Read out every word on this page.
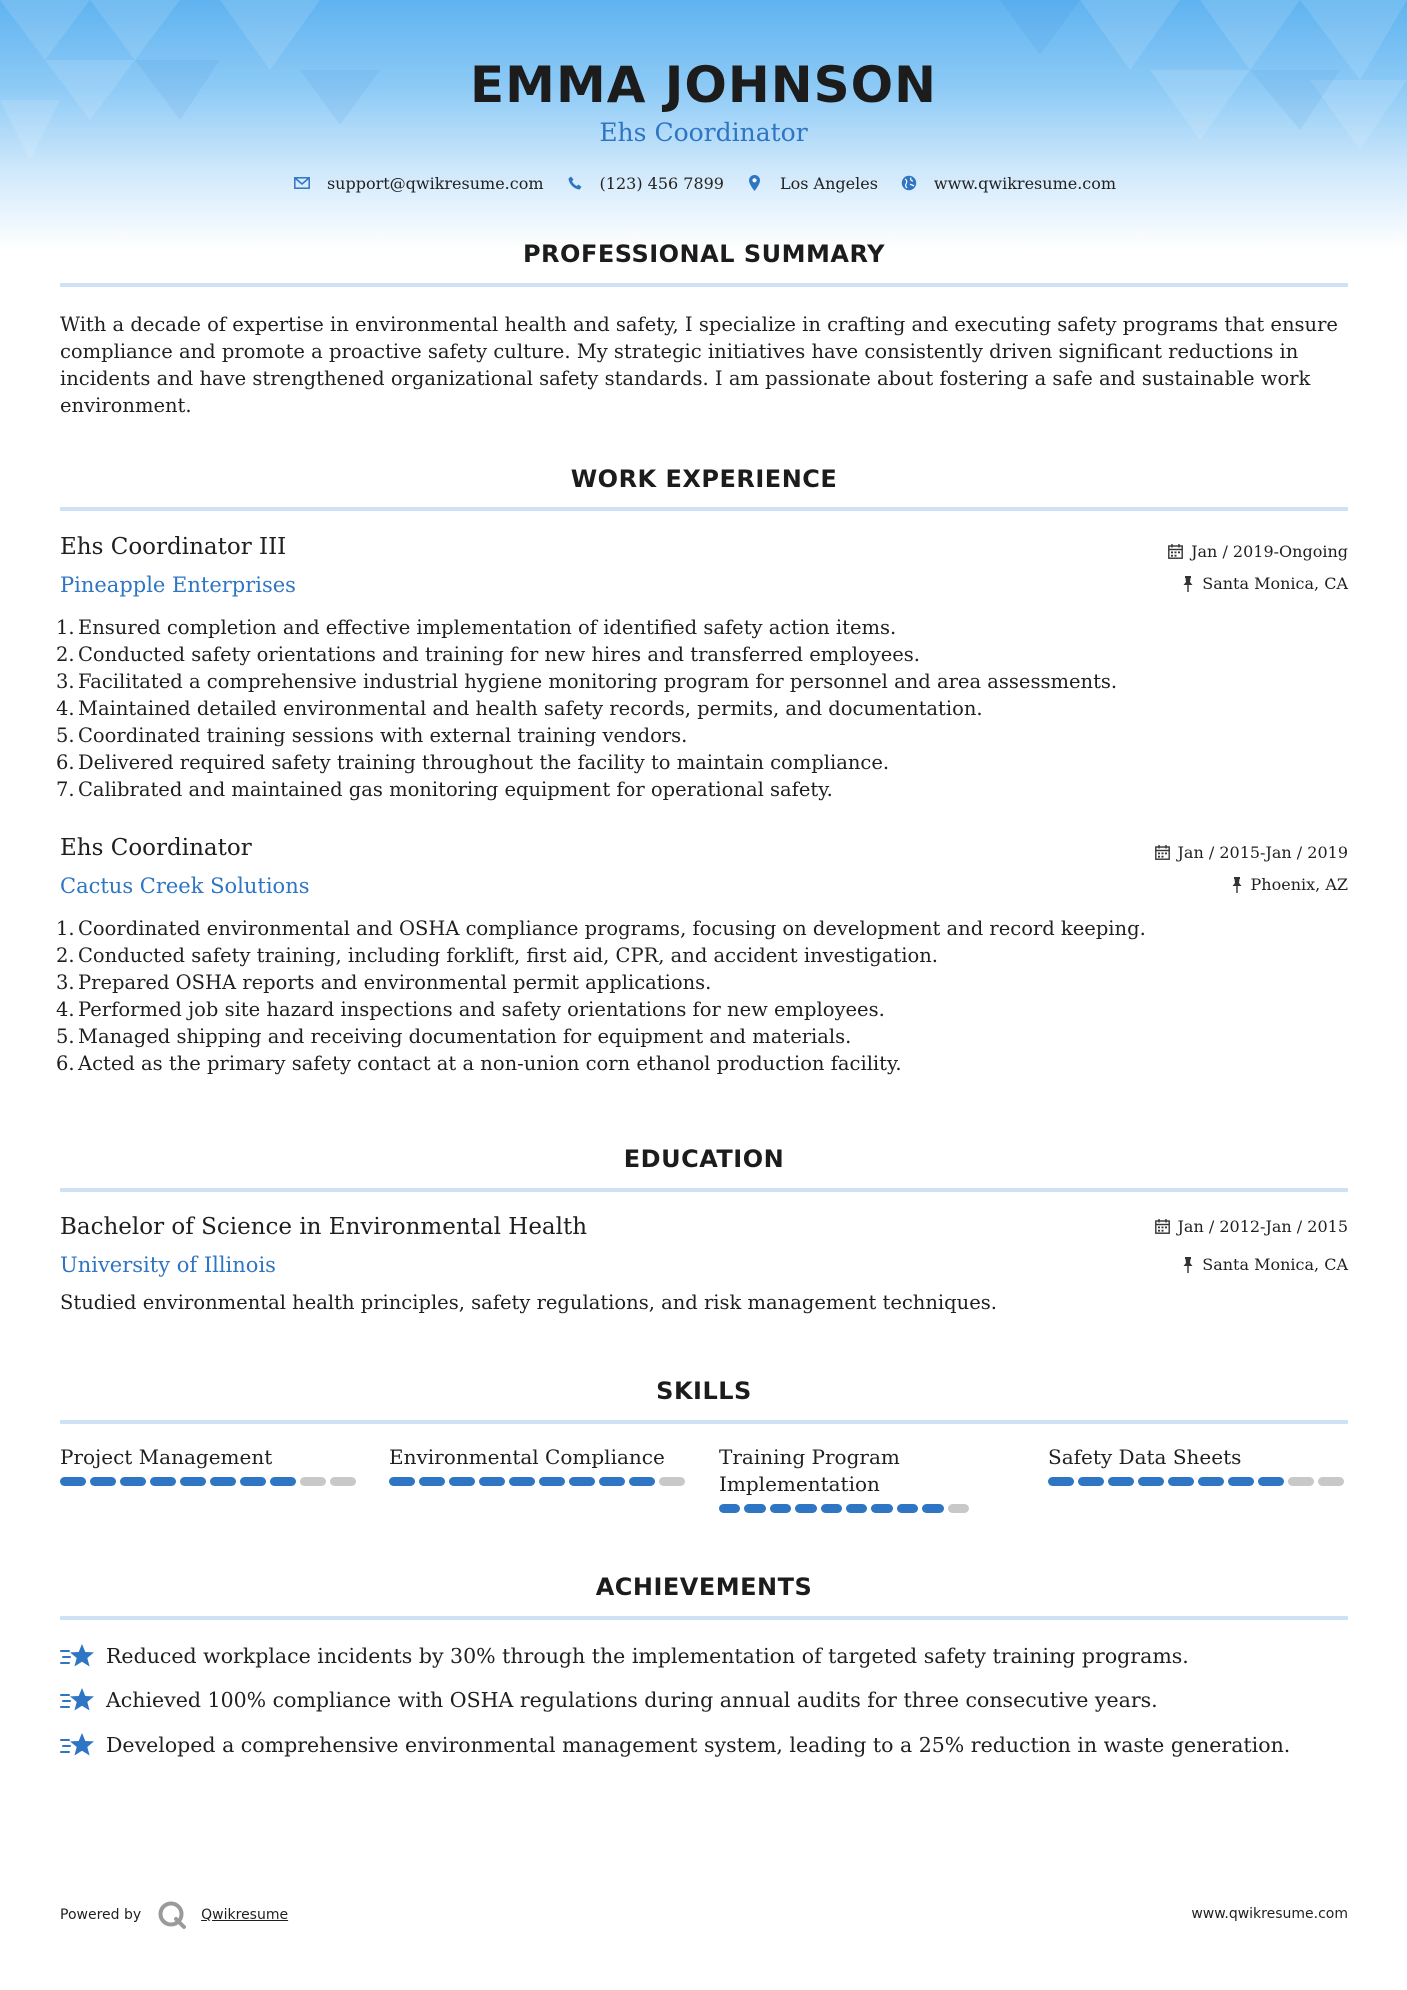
EMMA JOHNSON
Ehs Coordinator
support@qwikresume.com	(123) 456 7899	Los Angeles	www.qwikresume.com
PROFESSIONAL SUMMARY
With a decade of expertise in environmental health and safety, I specialize in crafting and executing safety programs that ensure compliance and promote a proactive safety culture. My strategic initiatives have consistently driven significant reductions in incidents and have strengthened organizational safety standards. I am passionate about fostering a safe and sustainable work environment.
WORK EXPERIENCE
Ehs Coordinator III
Pineapple Enterprises
Jan / 2019-Ongoing
Santa Monica, CA
1. Ensured completion and effective implementation of identified safety action items.
2. Conducted safety orientations and training for new hires and transferred employees.
3. Facilitated a comprehensive industrial hygiene monitoring program for personnel and area assessments.
4. Maintained detailed environmental and health safety records, permits, and documentation.
5. Coordinated training sessions with external training vendors.
6. Delivered required safety training throughout the facility to maintain compliance.
7. Calibrated and maintained gas monitoring equipment for operational safety.
Ehs Coordinator
Cactus Creek Solutions
Jan / 2015-Jan / 2019
Phoenix, AZ
1. Coordinated environmental and OSHA compliance programs, focusing on development and record keeping.
2. Conducted safety training, including forklift, first aid, CPR, and accident investigation.
3. Prepared OSHA reports and environmental permit applications.
4. Performed job site hazard inspections and safety orientations for new employees.
5. Managed shipping and receiving documentation for equipment and materials.
6. Acted as the primary safety contact at a non-union corn ethanol production facility.
EDUCATION
Bachelor of Science in Environmental Health
University of Illinois
Jan / 2012-Jan / 2015
Santa Monica, CA
Studied environmental health principles, safety regulations, and risk management techniques.
SKILLS
Project Management	Environmental Compliance	Training Program Implementation
Safety Data Sheets
ACHIEVEMENTS
Reduced workplace incidents by 30% through the implementation of targeted safety training programs.
Achieved 100% compliance with OSHA regulations during annual audits for three consecutive years.
Developed a comprehensive environmental management system, leading to a 25% reduction in waste generation.
Powered by	Qwikresume	www.qwikresume.com
